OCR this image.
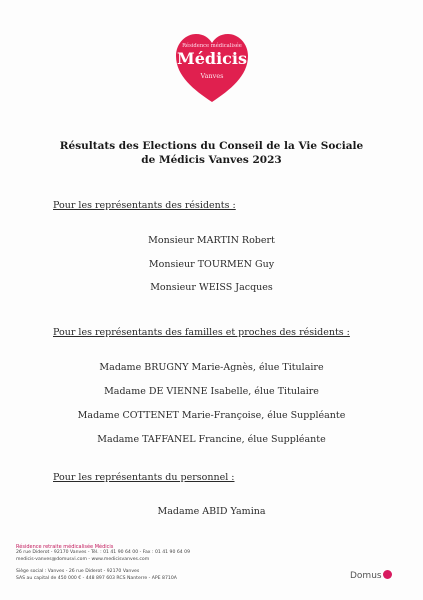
Résidence médicalisée
Médicis
Vanves
Résultats des Elections du Conseil de la Vie Sociale
de Médicis Vanves 2023
Pour les représentants des résidents :
Monsieur MARTIN Robert
Monsieur TOURMEN Guy
Monsieur WEISS Jacques
Pour les représentants des familles et proches des résidents :
Madame BRUGNY Marie-Agnès, élue Titulaire
Madame DE VIENNE Isabelle, élue Titulaire
Madame COTTENET Marie-Françoise, élue Suppléante
Madame TAFFANEL Francine, élue Suppléante
Pour les représentants du personnel :
Madame ABID Yamina
Résidence retraite médicalisée Médicis
26 rue Diderot - 92170 Vanves - Tél. : 01 41 90 64 00 - Fax : 01 41 90 64 09
medicis-vanves@domusvi.com - www.medicisvanves.com
Siège social : Vanves - 26 rue Diderot - 92170 Vanves
SAS au capital de 450 000 € - 448 897 603 RCS Nanterre - APE 8710A	Domus
